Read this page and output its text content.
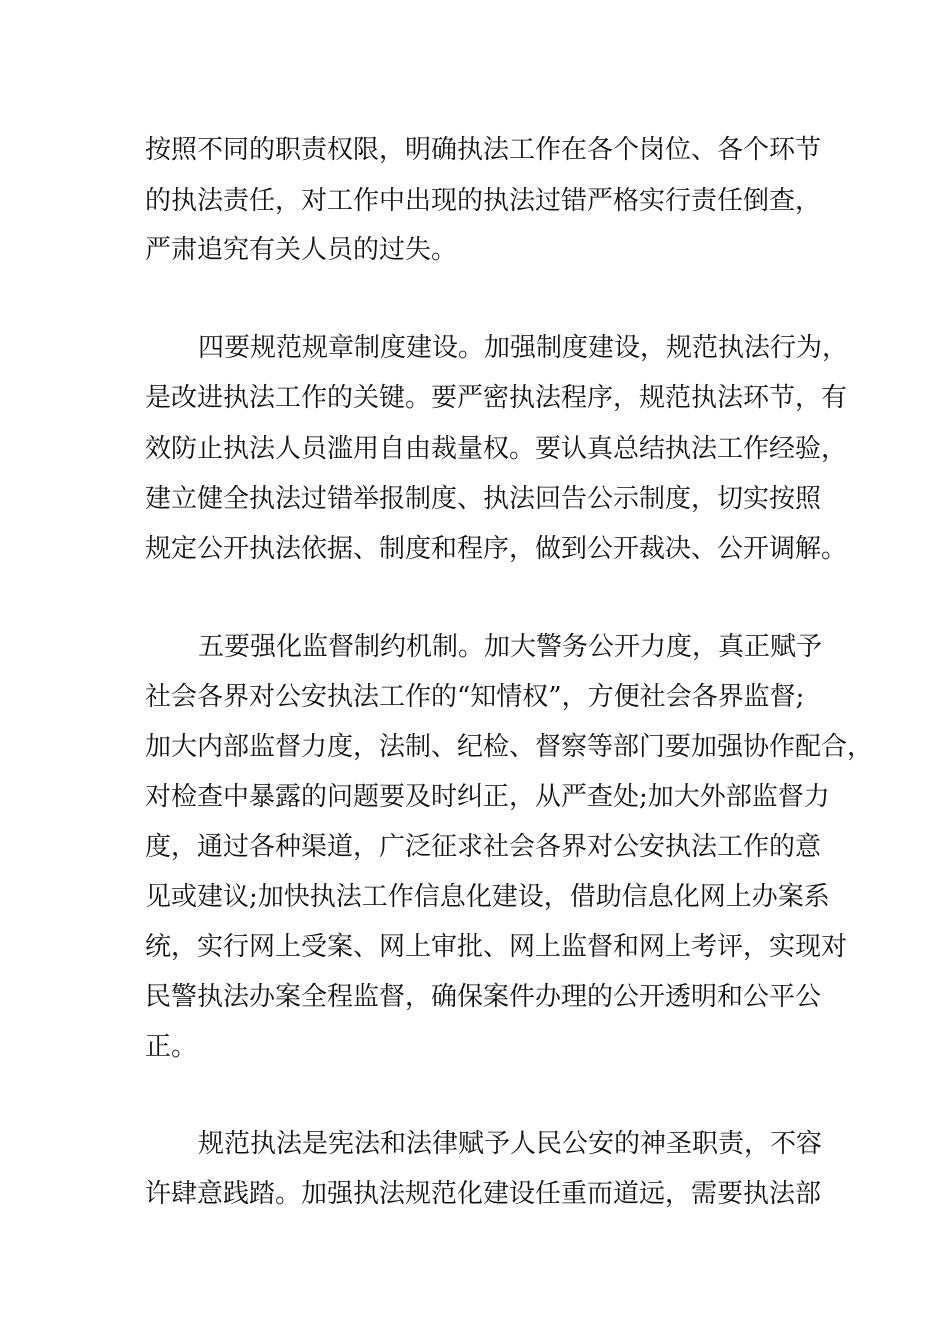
按照不同的职责权限，明确执法工作在各个岗位、各个环节

的执法责任，对工作中出现的执法过错严格实行责任倒查，

严肃追究有关人员的过失。

四要规范规章制度建设。加强制度建设，规范执法行为，

是改进执法工作的关键。要严密执法程序，规范执法环节，有

效防止执法人员滥用自由裁量权。要认真总结执法工作经验，

建立健全执法过错举报制度、执法回告公示制度，切实按照

规定公开执法依据、制度和程序，做到公开裁决、公开调解。

五要强化监督制约机制。加大警务公开力度，真正赋予

社会各界对公安执法工作的“知情权”，方便社会各界监督;

加大内部监督力度，法制、纪检、督察等部门要加强协作配合，

对检查中暴露的问题要及时纠正，从严查处;加大外部监督力

度，通过各种渠道，广泛征求社会各界对公安执法工作的意

见或建议;加快执法工作信息化建设，借助信息化网上办案系

统，实行网上受案、网上审批、网上监督和网上考评，实现对

民警执法办案全程监督，确保案件办理的公开透明和公平公

正。

规范执法是宪法和法律赋予人民公安的神圣职责，不容

许肆意践踏。加强执法规范化建设任重而道远，需要执法部
